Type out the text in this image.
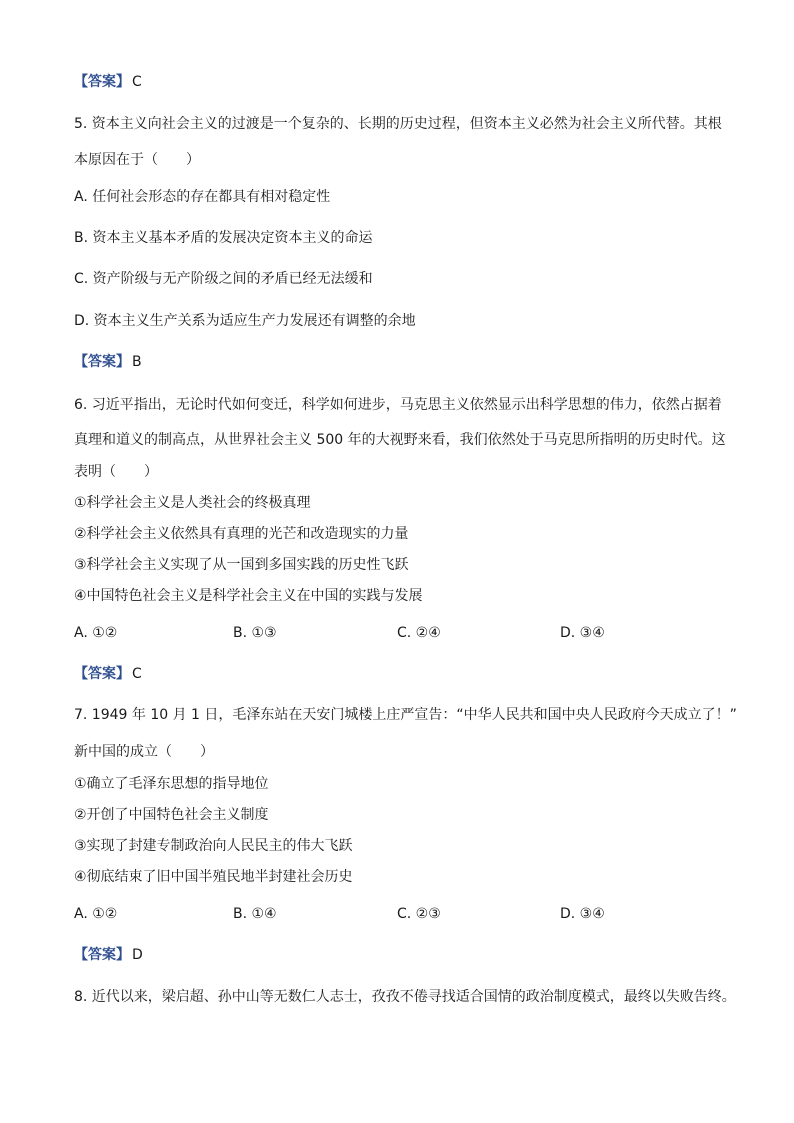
【答案】 C
5. 资本主义向社会主义的过渡是一个复杂的、长期的历史过程，但资本主义必然为社会主义所代替。其根
本原因在于（　　）
A. 任何社会形态的存在都具有相对稳定性
B. 资本主义基本矛盾的发展决定资本主义的命运
C. 资产阶级与无产阶级之间的矛盾已经无法缓和
D. 资本主义生产关系为适应生产力发展还有调整的余地
【答案】 B
6. 习近平指出，无论时代如何变迁，科学如何进步，马克思主义依然显示出科学思想的伟力，依然占据着
真理和道义的制高点，从世界社会主义 500 年的大视野来看，我们依然处于马克思所指明的历史时代。这
表明（　　）
①科学社会主义是人类社会的终极真理
②科学社会主义依然具有真理的光芒和改造现实的力量
③科学社会主义实现了从一国到多国实践的历史性飞跃
④中国特色社会主义是科学社会主义在中国的实践与发展
A. ①②	B. ①③	C. ②④	D. ③④
【答案】 C
7. 1949 年 10 月 1 日，毛泽东站在天安门城楼上庄严宣告：“中华人民共和国中央人民政府今天成立了！”
新中国的成立（　　）
①确立了毛泽东思想的指导地位
②开创了中国特色社会主义制度
③实现了封建专制政治向人民民主的伟大飞跃
④彻底结束了旧中国半殖民地半封建社会历史
A. ①②	B. ①④	C. ②③	D. ③④
【答案】 D
8. 近代以来，梁启超、孙中山等无数仁人志士，孜孜不倦寻找适合国情的政治制度模式，最终以失败告终。
